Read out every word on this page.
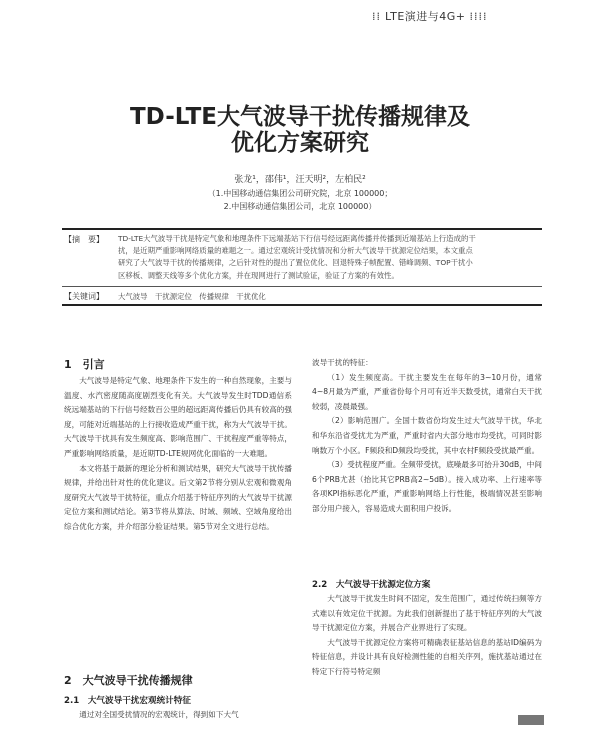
⁞⁞ LTE演进与4G+ ⁞⁞⁞⁞
TD-LTE大气波导干扰传播规律及
优化方案研究
张龙¹，邵伟¹，汪天明²，左柏民²
（1.中国移动通信集团公司研究院，北京 100000；
2.中国移动通信集团公司，北京 100000）
【摘　要】 TD-LTE大气波导干扰是特定气象和地理条件下远端基站下行信号经远距离传播并传播到近端基站上行造成的干
扰，是近期严重影响网络质量的难题之一。通过宏观统计受扰情况和分析大气波导干扰源定位结果，本文重点
研究了大气波导干扰的传播规律，之后针对性的提出了置位优化、回退特殊子帧配置、错峰调频、TOP干扰小
区移板、调整天线等多个优化方案，并在现网进行了测试验证，验证了方案的有效性。
【关键词】 大气波导　干扰源定位　传播规律　干扰优化
1　引言

大气波导是特定气象、地理条件下发生的一种自然现象，主要与温度、水汽密度随高度剧烈变化有关。大气波导发生时TDD通信系统远端基站的下行信号经数百公里的超远距离传播后仍具有较高的强度，可能对近端基站的上行接收造成严重干扰，称为大气波导干扰。大气波导干扰具有发生频度高、影响范围广、干扰程度严重等特点，严重影响网络质量，是近期TD-LTE规网优化面临的一大难题。

本文将基于最新的理论分析和测试结果，研究大气波导干扰传播规律，并给出针对性的优化建议。后文第2节将分别从宏观和微观角度研究大气波导干扰特征，重点介绍基于特征序列的大气波导干扰源定位方案和测试结论。第3节将从算法、时域、频域、空域角度给出综合优化方案，并介绍部分验证结果。第5节对全文进行总结。

2　大气波导干扰传播规律
2.1　大气波导干扰宏观统计特征

通过对全国受扰情况的宏观统计，得到如下大气

波导干扰的特征：

（1）发生频度高。干扰主要发生在每年的3~10月份，通常4~8月最为严重，严重省份每个月可有近半天数受扰，通常白天干扰较弱，凌晨最强。

（2）影响范围广。全国十数省份均发生过大气波导干扰，华北和华东沿省受扰尤为严重，严重时省内大部分地市均受扰，可同时影响数万个小区。F频段和D频段均受扰，其中农村F频段受扰最严重。

（3）受扰程度严重。全频带受扰，底噪最多可抬升30dB，中间6个PRB尤甚（抬比其它PRB高2~5dB）。接入成功率、上行速率等各项KPI指标恶化严重，严重影响网络上行性能，极端情况甚至影响部分用户接入，容易造成大面积用户投诉。

2.2　大气波导干扰源定位方案

大气波导干扰发生时间不固定，发生范围广，通过传统扫频等方式难以有效定位干扰源。为此我们创新提出了基于特征序列的大气波导干扰源定位方案，并展合产业界进行了实现。

大气波导干扰源定位方案将可精确表征基站信息的基站ID编码为特征信息，并设计具有良好检测性能的自相关序列，施扰基站通过在特定下行符号特定频
